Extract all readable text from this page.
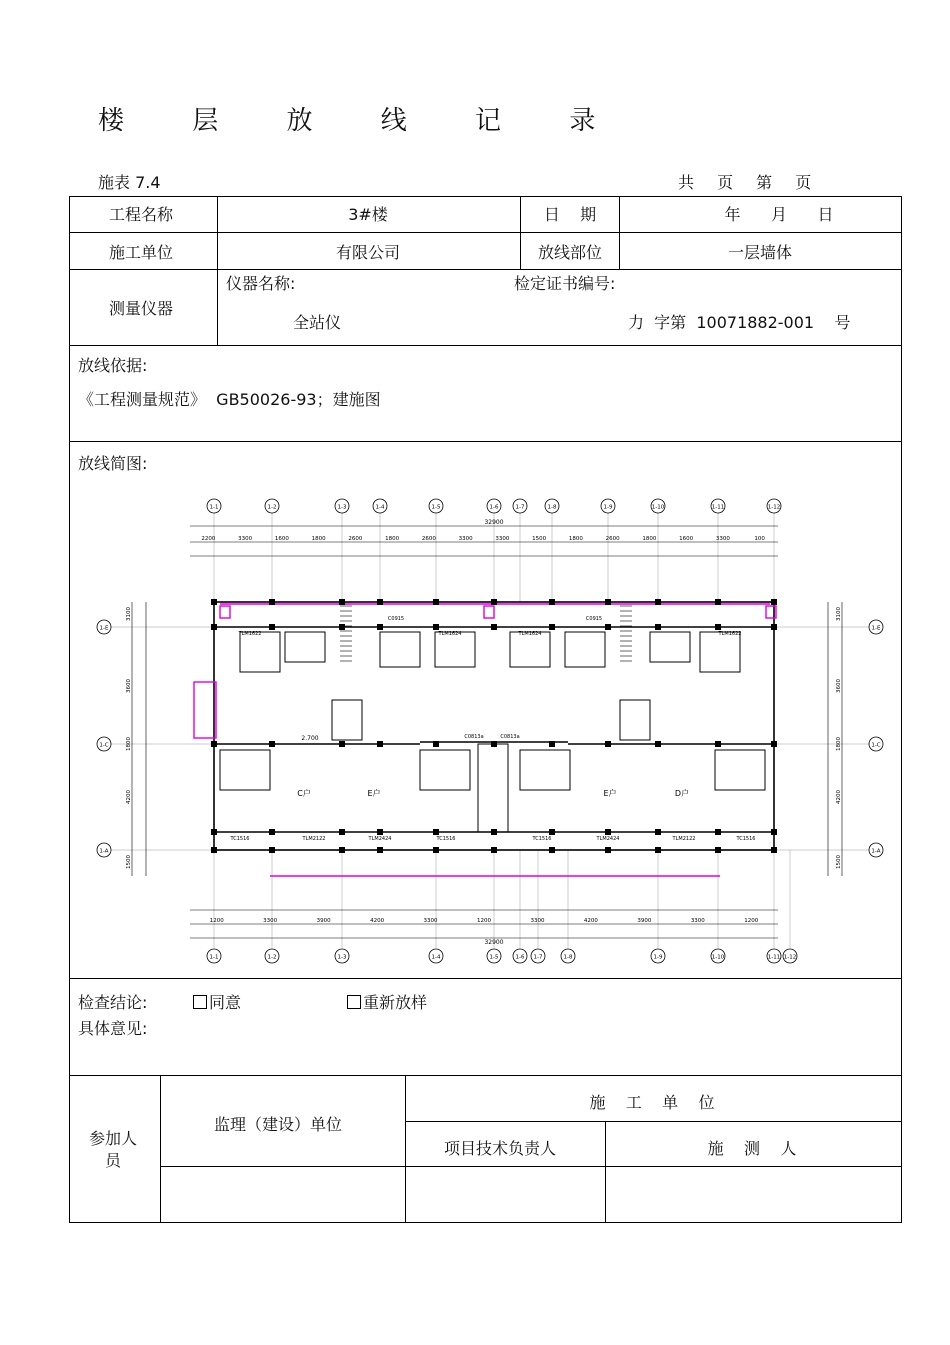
楼 层 放 线 记 录
施表 7.4	共 页 第 页
工程名称	3#楼	日    期	年      月      日
施工单位	有限公司	放线部位	一层墙体
测量仪器
仪器名称:	检定证书编号:
全站仪	力  字第  10071882-001    号
放线依据:
《工程测量规范》  GB50026-93；建施图
放线简图:
1-1	1-2	1-3	1-4	1-5	1-6	1-7	1-8	1-9	1-10	1-11	1-12
1-1	1-2	1-3	1-4	1-5	1-6 1-7	1-8	1-9	1-10	1-11 1-12
1-E
1-C
1-A
1-E
1-C
1-A
32900
32900
2200	3300	1600	1800	2600	1800	2600	3300	3300	1500	1800	2600	1800	1600	3300	100
1200	3300	3900	4200	3300	1200	3300	4200	3900	3300	1200
3100
3600
1800
4200
1500
3100
3600
1800
4200
1500
C户	E户	E户	D户
TLM1622	TLM1624	TLM1624	TLM1622
TLM2122	TLM2424	TLM2424	TLM2122
TC1516	TC1516	TC1516	TC1516
C0813a	C0813a
C0915	C0915
2.700
检查结论:	同意	重新放样
具体意见:
参加人员
监理（建设）单位
施    工    单    位
项目技术负责人	施    测    人
